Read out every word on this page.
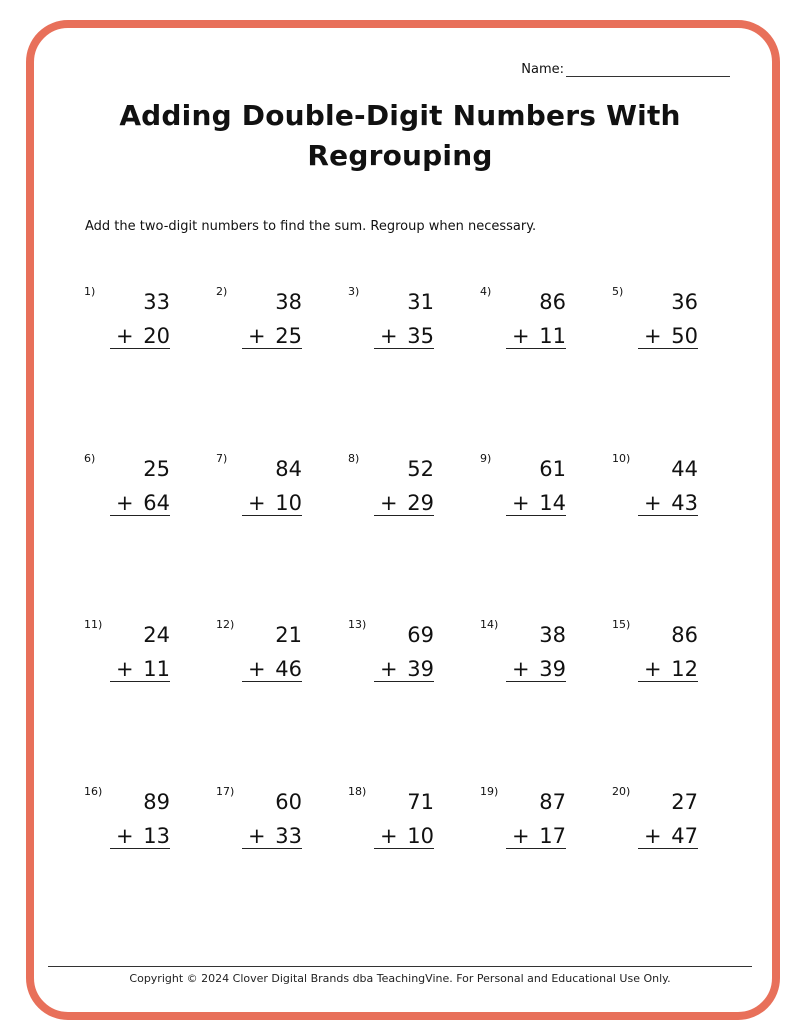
Name:
Adding Double-Digit Numbers With Regrouping
Add the two-digit numbers to find the sum. Regroup when necessary.
1)	33
+ 20
2)	38
+ 25
3)	31
+ 35
4)	86
+ 11
5)	36
+ 50
6)	25
+ 64
7)	84
+ 10
8)	52
+ 29
9)	61
+ 14
10)	44
+ 43
11)	24
+ 11
12)	21
+ 46
13)	69
+ 39
14)	38
+ 39
15)	86
+ 12
16)	89
+ 13
17)	60
+ 33
18)	71
+ 10
19)	87
+ 17
20)	27
+ 47
Copyright © 2024 Clover Digital Brands dba TeachingVine. For Personal and Educational Use Only.
